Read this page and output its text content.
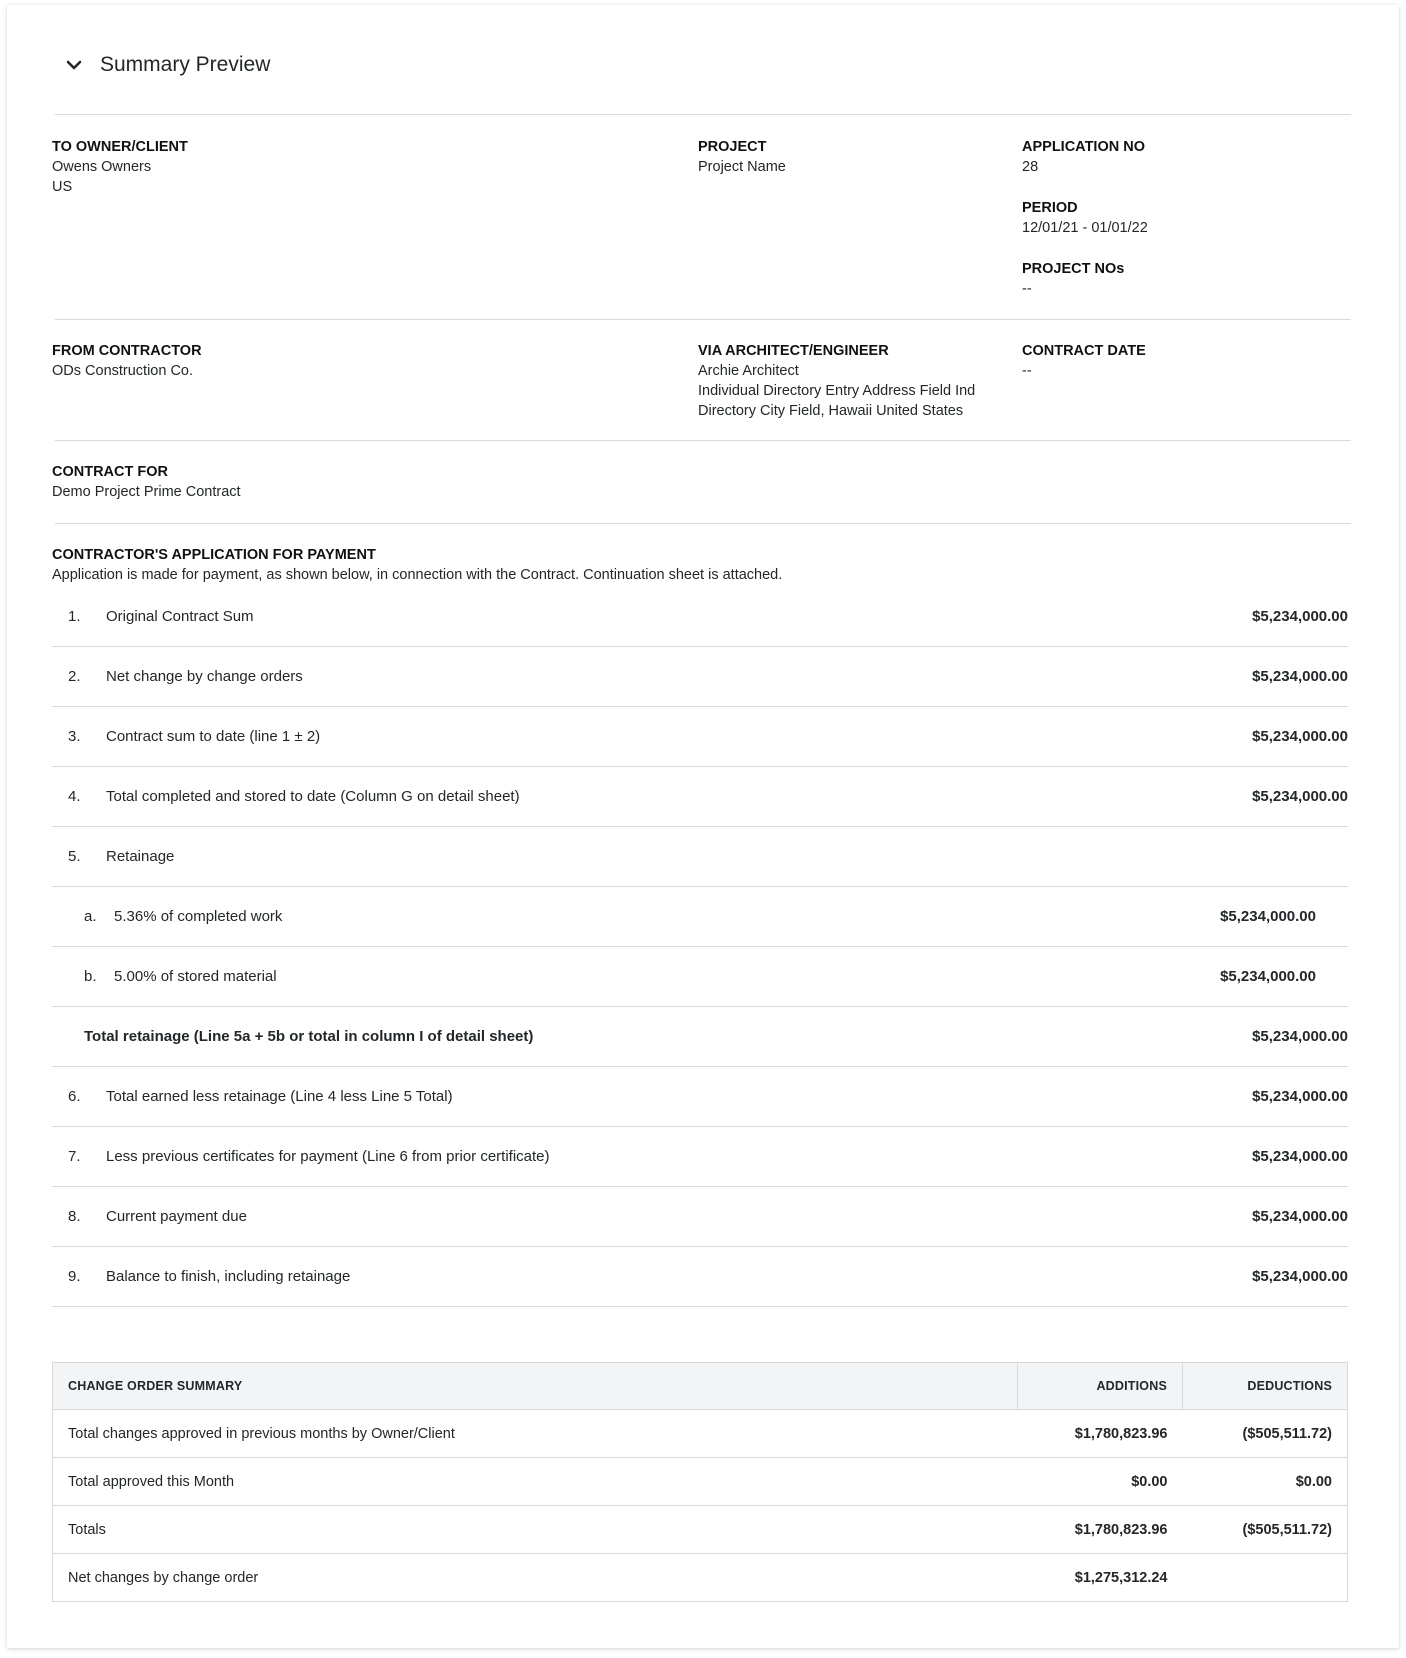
Summary Preview
TO OWNER/CLIENT
Owens Owners
US
PROJECT
Project Name
APPLICATION NO
28
PERIOD
12/01/21 - 01/01/22
PROJECT NOs
--
FROM CONTRACTOR
ODs Construction Co.
VIA ARCHITECT/ENGINEER
Archie Architect
Individual Directory Entry Address Field Ind
Directory City Field, Hawaii United States
CONTRACT DATE
--
CONTRACT FOR
Demo Project Prime Contract
CONTRACTOR'S APPLICATION FOR PAYMENT
Application is made for payment, as shown below, in connection with the Contract. Continuation sheet is attached.
1.	Original Contract Sum	$5,234,000.00
2.	Net change by change orders	$5,234,000.00
3.	Contract sum to date (line 1 ± 2)	$5,234,000.00
4.	Total completed and stored to date (Column G on detail sheet)	$5,234,000.00
5.	Retainage
a.	5.36% of completed work	$5,234,000.00
b.	5.00% of stored material	$5,234,000.00
Total retainage (Line 5a + 5b or total in column I of detail sheet)	$5,234,000.00
6.	Total earned less retainage (Line 4 less Line 5 Total)	$5,234,000.00
7.	Less previous certificates for payment (Line 6 from prior certificate)	$5,234,000.00
8.	Current payment due	$5,234,000.00
9.	Balance to finish, including retainage	$5,234,000.00
CHANGE ORDER SUMMARY	ADDITIONS	DEDUCTIONS
Total changes approved in previous months by Owner/Client	$1,780,823.96	($505,511.72)
Total approved this Month	$0.00	$0.00
Totals	$1,780,823.96	($505,511.72)
Net changes by change order	$1,275,312.24	
